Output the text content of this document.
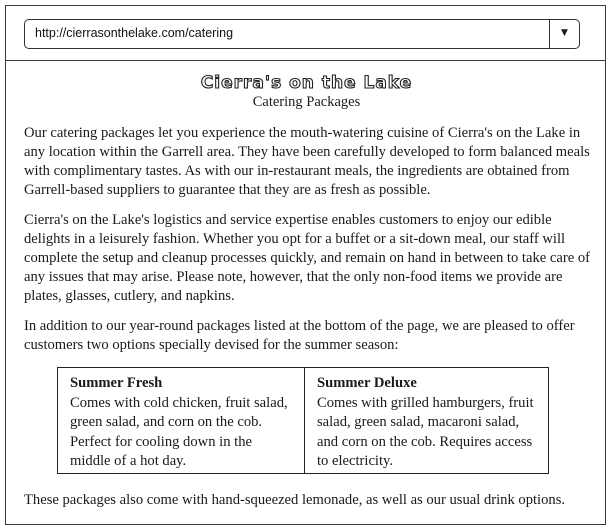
http://cierrasonthelake.com/catering	▼
Cierra's on the Lake
Catering Packages

Our catering packages let you experience the mouth-watering cuisine of Cierra's on the Lake in any location within the Garrell area. They have been carefully developed to form balanced meals with complimentary tastes. As with our in-restaurant meals, the ingredients are obtained from Garrell-based suppliers to guarantee that they are as fresh as possible.

Cierra's on the Lake's logistics and service expertise enables customers to enjoy our edible delights in a leisurely fashion. Whether you opt for a buffet or a sit-down meal, our staff will complete the setup and cleanup processes quickly, and remain on hand in between to take care of any issues that may arise. Please note, however, that the only non-food items we provide are plates, glasses, cutlery, and napkins.

In addition to our year-round packages listed at the bottom of the page, we are pleased to offer customers two options specially devised for the summer season:

Summer Fresh
Comes with cold chicken, fruit salad, green salad, and corn on the cob. Perfect for cooling down in the middle of a hot day.
Summer Deluxe
Comes with grilled hamburgers, fruit salad, green salad, macaroni salad, and corn on the cob. Requires access to electricity.

These packages also come with hand-squeezed lemonade, as well as our usual drink options.
